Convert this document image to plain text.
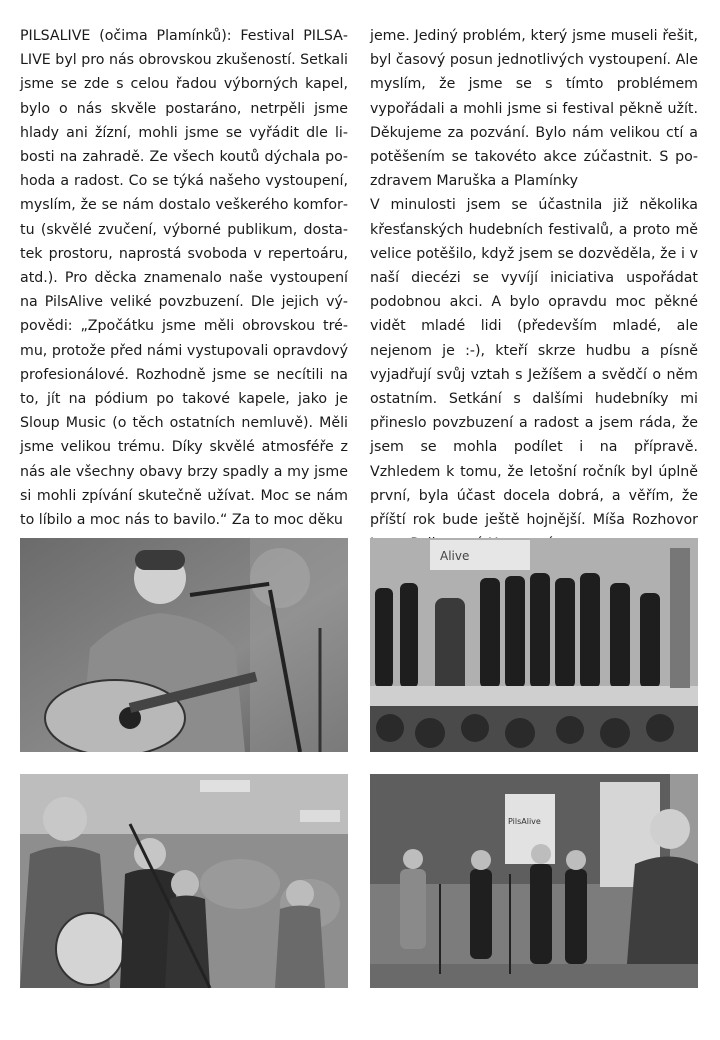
PILSALIVE (očima Plamínků): Festival PILSALIVE byl pro nás obrovskou zkušeností. Setkali jsme se zde s celou řadou výborných kapel, bylo o nás skvěle postaráno, netrpěli jsme hlady ani žízní, mohli jsme se vyřádit dle libosti na zahradě. Ze všech koutů dýchala pohoda a radost. Co se týká našeho vystoupení, myslím, že se nám dostalo veškerého komfortu (skvělé zvučení, výborné publikum, dostatek prostoru, naprostá svoboda v repertoáru, atd.). Pro děcka znamenalo naše vystoupení na PilsAlive veliké povzbuzení. Dle jejich výpovědi: „Zpočátku jsme měli obrovskou trému, protože před námi vystupovali opravdový profesionálové. Rozhodně jsme se necítili na to, jít na pódium po takové kapele, jako je Sloup Music (o těch ostatních nemluvě). Měli jsme velikou trému. Díky skvělé atmosféře z nás ale všechny obavy brzy spadly a my jsme si mohli zpívání skutečně užívat. Moc se nám to líbilo a moc nás to bavilo.“ Za to moc děku

jeme. Jediný problém, který jsme museli řešit, byl časový posun jednotlivých vystoupení. Ale myslím, že jsme se s tímto problémem vypořádali a mohli jsme si festival pěkně užít. Děkujeme za pozvání. Bylo nám velikou ctí a potěšením se takovéto akce zúčastnit. S pozdravem Maruška a Plamínky

V minulosti jsem se účastnila již několika křesťanských hudebních festivalů, a proto mě velice potěšilo, když jsem se dozvěděla, že i v naší diecézi se vyvíjí iniciativa uspořádat podobnou akci. A bylo opravdu moc pěkné vidět mladé lidi (především mladé, ale nejenom je :-), kteří skrze hudbu a písně vyjadřují svůj vztah s Ježíšem a svědčí o něm ostatním. Setkání s dalšími hudebníky mi přineslo povzbuzení a radost a jsem ráda, že jsem se mohla podílet i na přípravě. Vzhledem k tomu, že letošní ročník byl úplně první, byla účast docela dobrá, a věřím, že příští rok bude ještě hojnější. Míša Rozhovor

Alive
PilsAlive
